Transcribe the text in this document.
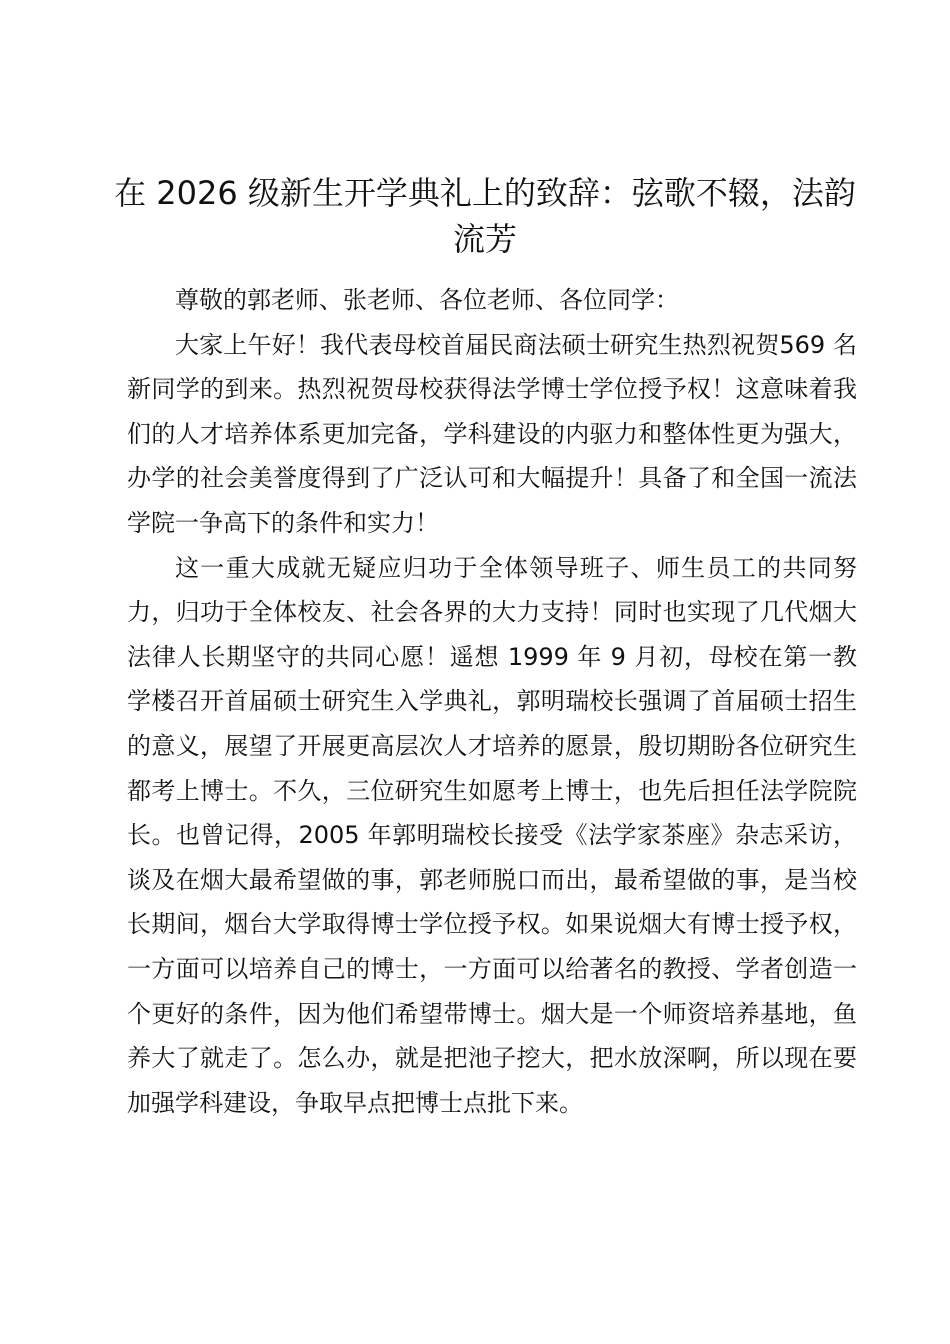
在 2026 级新生开学典礼上的致辞：弦歌不辍，法韵流芳

尊敬的郭老师、张老师、各位老师、各位同学：

大家上午好！我代表母校首届民商法硕士研究生热烈祝贺569 名新同学的到来。热烈祝贺母校获得法学博士学位授予权！这意味着我们的人才培养体系更加完备，学科建设的内驱力和整体性更为强大，办学的社会美誉度得到了广泛认可和大幅提升！具备了和全国一流法学院一争高下的条件和实力！

这一重大成就无疑应归功于全体领导班子、师生员工的共同努力，归功于全体校友、社会各界的大力支持！同时也实现了几代烟大法律人长期坚守的共同心愿！遥想 1999 年 9 月初，母校在第一教学楼召开首届硕士研究生入学典礼，郭明瑞校长强调了首届硕士招生的意义，展望了开展更高层次人才培养的愿景，殷切期盼各位研究生都考上博士。不久，三位研究生如愿考上博士，也先后担任法学院院长。也曾记得，2005 年郭明瑞校长接受《法学家茶座》杂志采访，谈及在烟大最希望做的事，郭老师脱口而出，最希望做的事，是当校长期间，烟台大学取得博士学位授予权。如果说烟大有博士授予权，一方面可以培养自己的博士，一方面可以给著名的教授、学者创造一个更好的条件，因为他们希望带博士。烟大是一个师资培养基地，鱼养大了就走了。怎么办，就是把池子挖大，把水放深啊，所以现在要加强学科建设，争取早点把博士点批下来。
